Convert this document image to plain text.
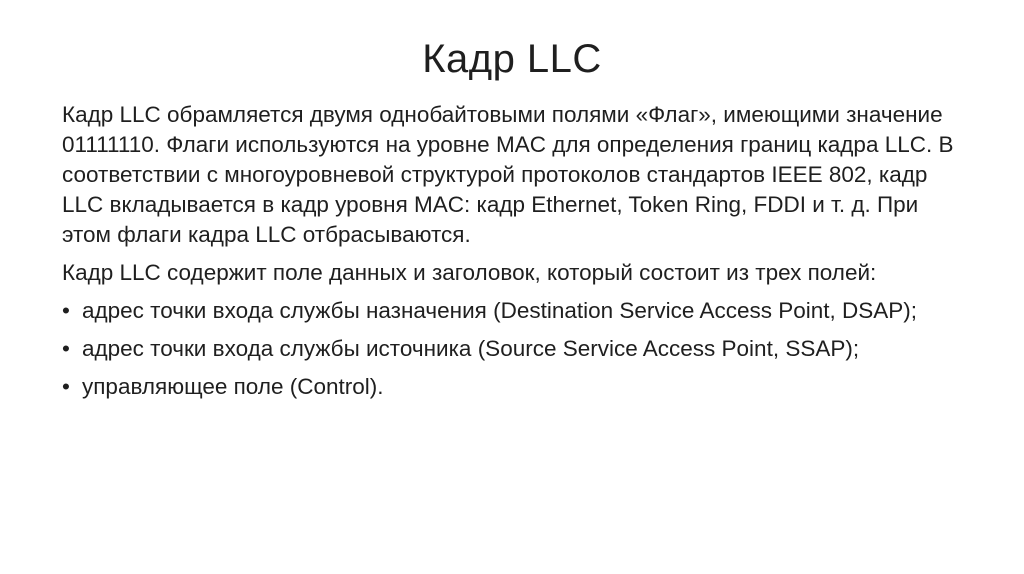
Кадр LLC

Кадр LLC обрамляется двумя однобайтовыми полями «Флаг», имеющими значение 01111110. Флаги используются на уровне MAC для определения границ кадра LLC. В соответствии с многоуровневой структурой протоколов стандартов IEEE 802, кадр LLC вкладывается в кадр уровня MAC: кадр Ethernet, Token Ring, FDDI и т. д. При этом флаги кадра LLC отбрасываются.

Кадр LLC содержит поле данных и заголовок, который состоит из трех полей:

• адрес точки входа службы назначения (Destination Service Access Point, DSAP);
• адрес точки входа службы источника (Source Service Access Point, SSAP);
• управляющее поле (Control).
